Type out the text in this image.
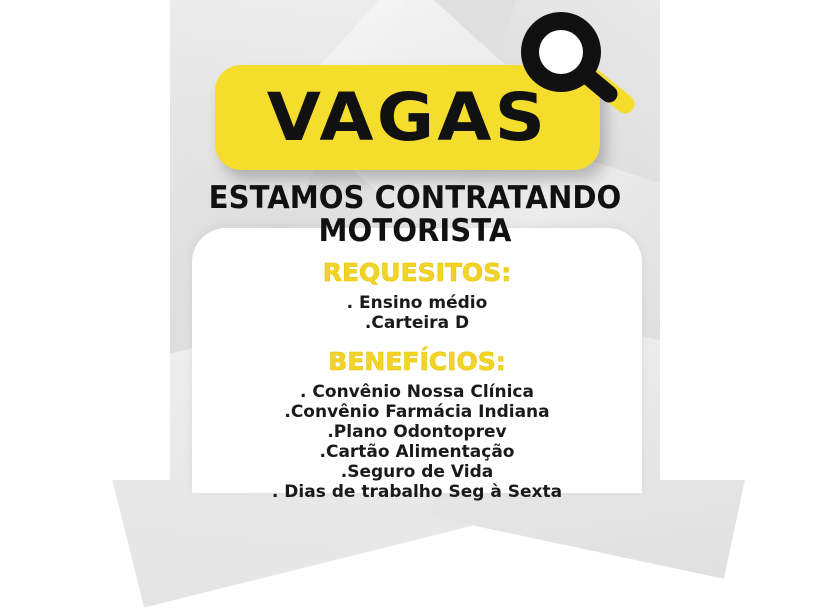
VAGAS
ESTAMOS CONTRATANDO
MOTORISTA

REQUESITOS:

. Ensino médio
.Carteira D

BENEFÍCIOS:

. Convênio Nossa Clínica
.Convênio Farmácia Indiana
.Plano Odontoprev
.Cartão Alimentação
.Seguro de Vida
. Dias de trabalho Seg à Sexta
